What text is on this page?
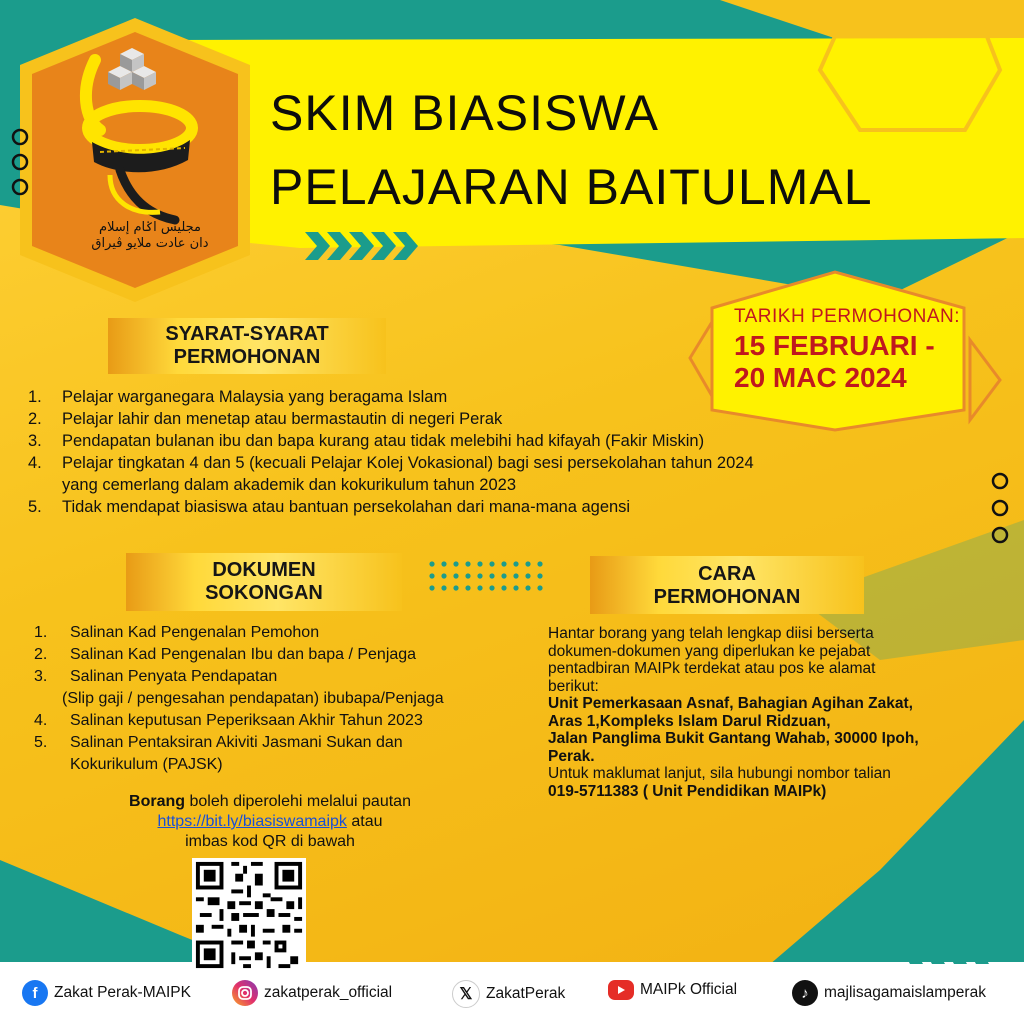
مجليس اݢام إسلام
دان عادت ملايو ڤيراق
SKIM BIASISWA
PELAJARAN BAITULMAL
TARIKH PERMOHONAN:
15 FEBRUARI -
20 MAC 2024
SYARAT-SYARAT
PERMOHONAN
1.	Pelajar warganegara Malaysia yang beragama Islam
2.	Pelajar lahir dan menetap atau bermastautin di negeri Perak
3.	Pendapatan bulanan ibu dan bapa kurang atau tidak melebihi had kifayah (Fakir Miskin)
4.	Pelajar tingkatan 4 dan 5 (kecuali Pelajar Kolej Vokasional) bagi sesi persekolahan tahun 2024
yang cemerlang dalam akademik dan kokurikulum tahun 2023
5.	Tidak mendapat biasiswa atau bantuan persekolahan dari mana-mana agensi
DOKUMEN
SOKONGAN
1.	Salinan Kad Pengenalan Pemohon
2.	Salinan Kad Pengenalan Ibu dan bapa / Penjaga
3.	Salinan Penyata Pendapatan
(Slip gaji / pengesahan pendapatan) ibubapa/Penjaga
4.	Salinan keputusan Peperiksaan Akhir Tahun 2023
5.	Salinan Pentaksiran Akiviti Jasmani Sukan dan
Kokurikulum (PAJSK)
Borang boleh diperolehi melalui pautan
https://bit.ly/biasiswamaipk atau
imbas kod QR di bawah
CARA
PERMOHONAN
Hantar borang yang telah lengkap diisi berserta
dokumen-dokumen yang diperlukan ke pejabat
pentadbiran MAIPk terdekat atau pos ke alamat
berikut:
Unit Pemerkasaan Asnaf, Bahagian Agihan Zakat,
Aras 1,Kompleks Islam Darul Ridzuan,
Jalan Panglima Bukit Gantang Wahab, 30000 Ipoh,
Perak.
Untuk maklumat lanjut, sila hubungi nombor talian
019-5711383 ( Unit Pendidikan MAIPk)
f	Zakat Perak-MAIPK	zakatperak_official	𝕏 ZakatPerak	MAIPk Official	♪ majlisagamaislamperak
